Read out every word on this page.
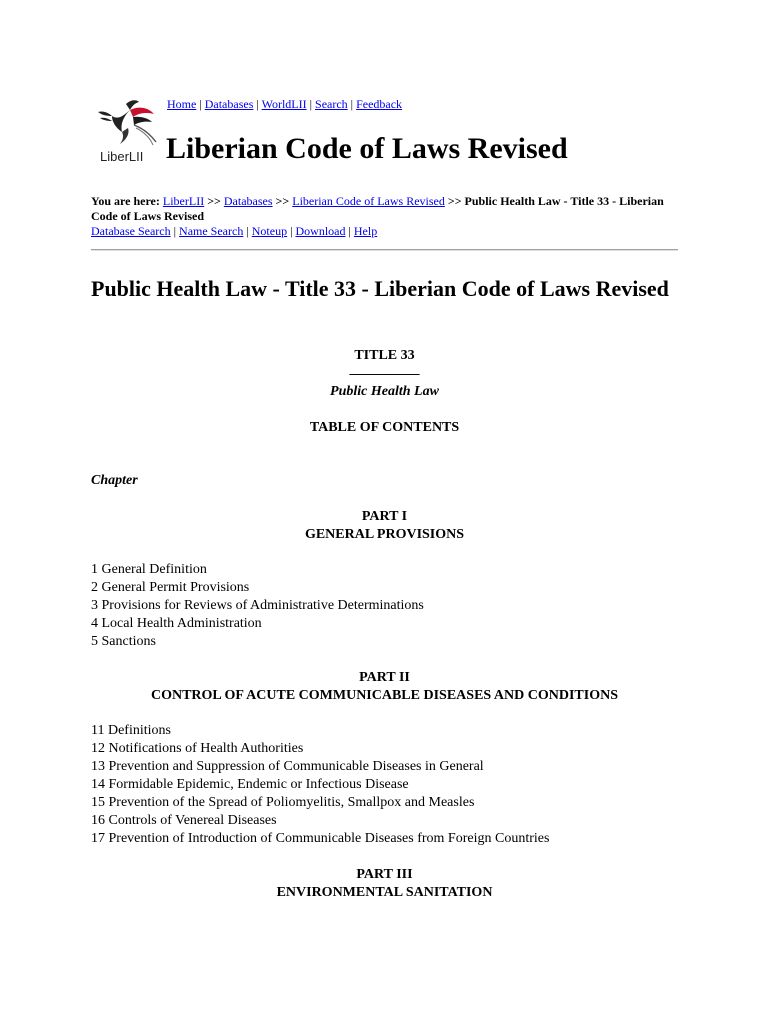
LiberLII
Home | Databases | WorldLII | Search | Feedback
Liberian Code of Laws Revised
You are here: LiberLII >> Databases >> Liberian Code of Laws Revised >> Public Health Law - Title 33 - Liberian Code of Laws Revised
Database Search | Name Search | Noteup | Download | Help
Public Health Law - Title 33 - Liberian Code of Laws Revised
TITLE 33
__________
Public Health Law
TABLE OF CONTENTS
Chapter
PART I
GENERAL PROVISIONS
1 General Definition
2 General Permit Provisions
3 Provisions for Reviews of Administrative Determinations
4 Local Health Administration
5 Sanctions
PART II
CONTROL OF ACUTE COMMUNICABLE DISEASES AND CONDITIONS
11 Definitions
12 Notifications of Health Authorities
13 Prevention and Suppression of Communicable Diseases in General
14 Formidable Epidemic, Endemic or Infectious Disease
15 Prevention of the Spread of Poliomyelitis, Smallpox and Measles
16 Controls of Venereal Diseases
17 Prevention of Introduction of Communicable Diseases from Foreign Countries
PART III
ENVIRONMENTAL SANITATION
